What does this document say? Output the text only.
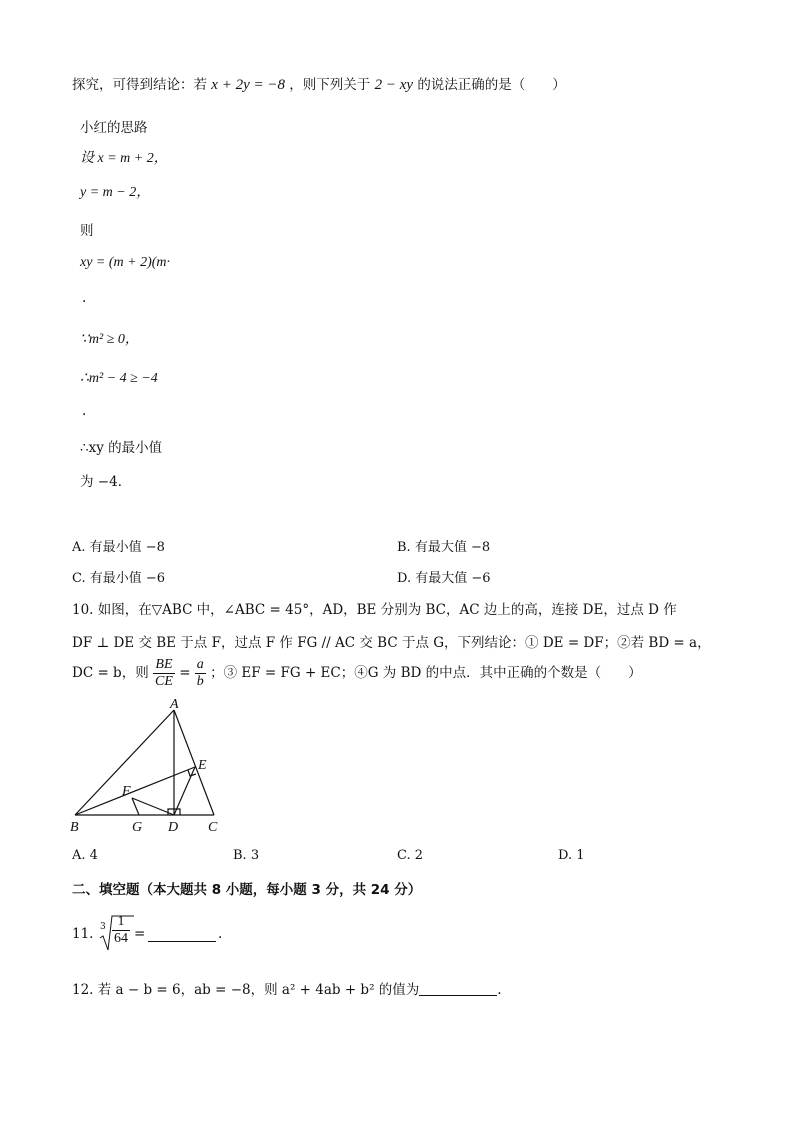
探究，可得到结论：若 x + 2y = −8 ，则下列关于 2 − xy 的说法正确的是（　　）
小红的思路
设 x = m + 2，
y = m − 2，
则
xy = (m + 2)(m·
.
∵m² ≥ 0，
∴m² − 4 ≥ −4
.
∴xy 的最小值
为 −4．
A. 有最小值 −8	B. 有最大值 −8
C. 有最小值 −6	D. 有最大值 −6
10. 如图，在▽ABC 中，∠ABC = 45°，AD，BE 分别为 BC，AC 边上的高，连接 DE，过点 D 作
DF ⊥ DE 交 BE 于点 F，过点 F 作 FG // AC 交 BC 于点 G，下列结论：① DE = DF；②若 BD = a，
DC = b，则 $\frac{BE}{CE} = \frac{a}{b}$ ；③ EF = FG + EC；④G 为 BD 的中点．其中正确的个数是（　　）
A
B	C
D
E
F
G
A. 4	B. 3	C. 2	D. 1
二、填空题（本大题共 8 小题，每小题 3 分，共 24 分）
11. $3 \frac{1}{64}$ =	.
12. 若 a − b = 6，ab = −8，则 a² + 4ab + b² 的值为	.
